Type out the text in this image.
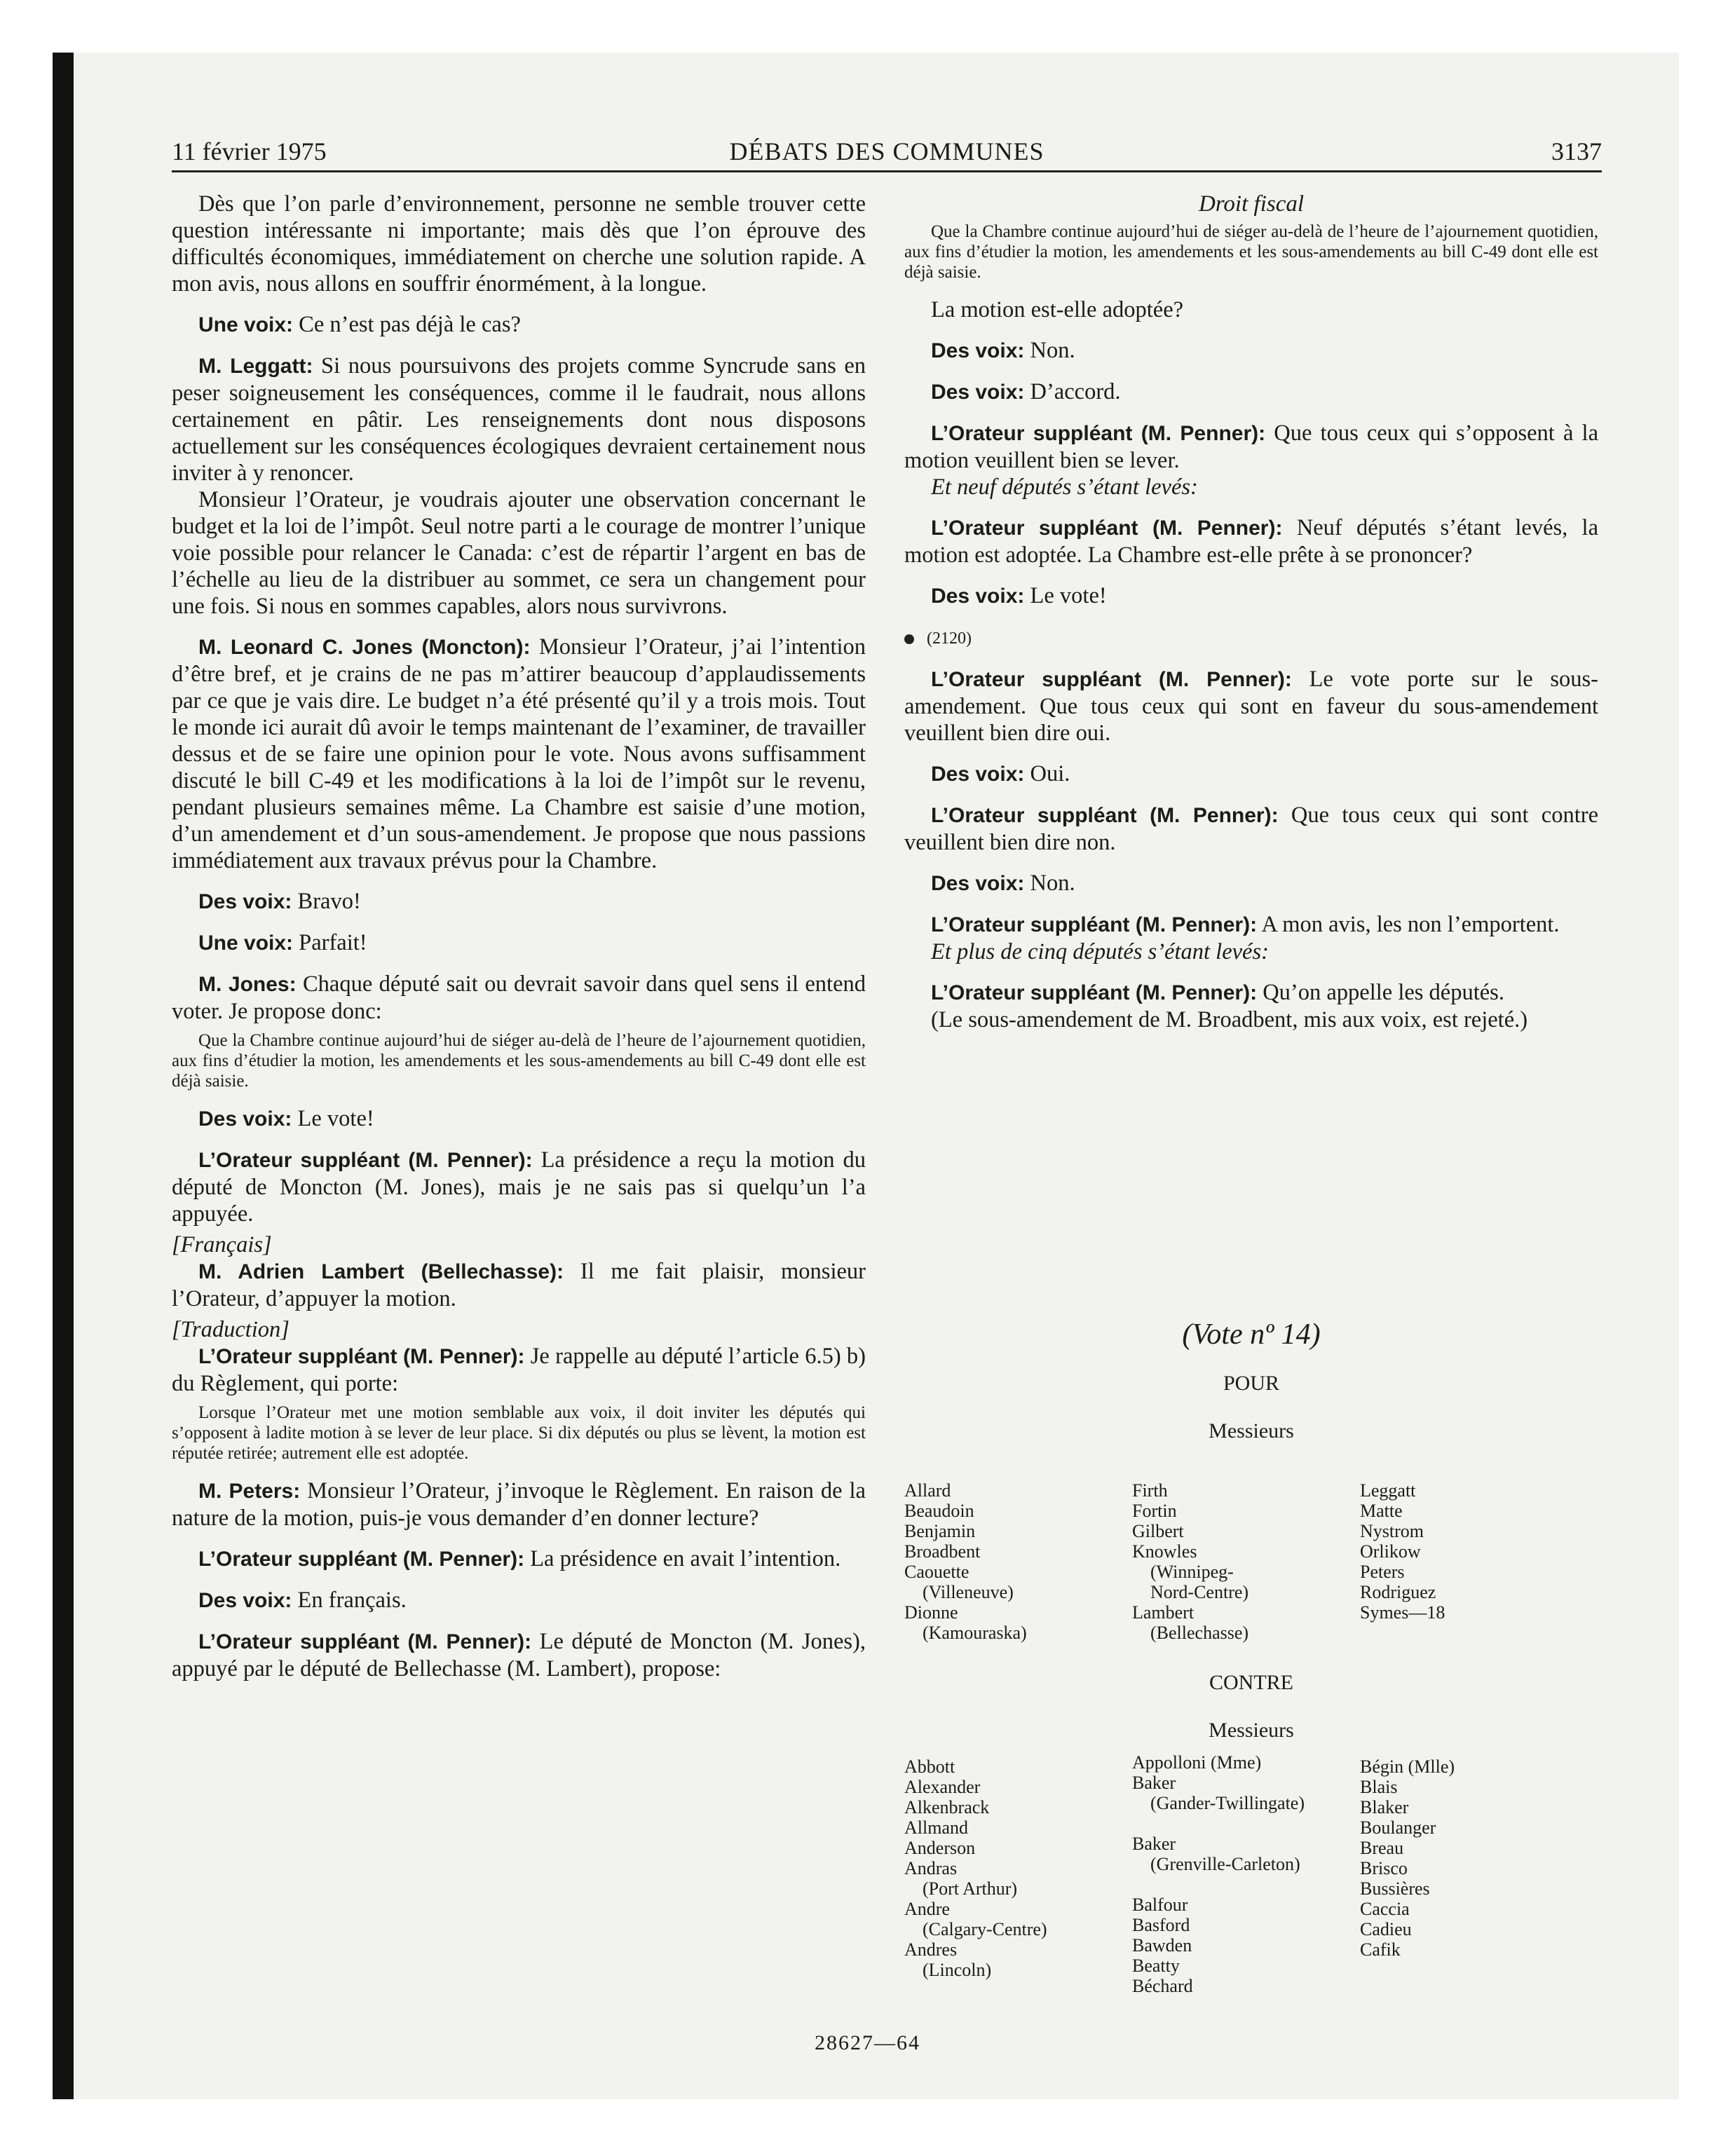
11 février 1975	DÉBATS DES COMMUNES	3137

Dès que l’on parle d’environnement, personne ne semble trouver cette question intéressante ni importante; mais dès que l’on éprouve des difficultés économiques, immédiatement on cherche une solution rapide. A mon avis, nous allons en souffrir énormément, à la longue.

Une voix: Ce n’est pas déjà le cas?

M. Leggatt: Si nous poursuivons des projets comme Syncrude sans en peser soigneusement les conséquences, comme il le faudrait, nous allons certainement en pâtir. Les renseignements dont nous disposons actuellement sur les conséquences écologiques devraient certainement nous inviter à y renoncer.

Monsieur l’Orateur, je voudrais ajouter une observation concernant le budget et la loi de l’impôt. Seul notre parti a le courage de montrer l’unique voie possible pour relancer le Canada: c’est de répartir l’argent en bas de l’échelle au lieu de la distribuer au sommet, ce sera un changement pour une fois. Si nous en sommes capables, alors nous survivrons.

M. Leonard C. Jones (Moncton): Monsieur l’Orateur, j’ai l’intention d’être bref, et je crains de ne pas m’attirer beaucoup d’applaudissements par ce que je vais dire. Le budget n’a été présenté qu’il y a trois mois. Tout le monde ici aurait dû avoir le temps maintenant de l’examiner, de travailler dessus et de se faire une opinion pour le vote. Nous avons suffisamment discuté le bill C-49 et les modifications à la loi de l’impôt sur le revenu, pendant plusieurs semaines même. La Chambre est saisie d’une motion, d’un amendement et d’un sous-amendement. Je propose que nous passions immédiatement aux travaux prévus pour la Chambre.

Des voix: Bravo!

Une voix: Parfait!

M. Jones: Chaque député sait ou devrait savoir dans quel sens il entend voter. Je propose donc:

Que la Chambre continue aujourd’hui de siéger au-delà de l’heure de l’ajournement quotidien, aux fins d’étudier la motion, les amendements et les sous-amendements au bill C-49 dont elle est déjà saisie.

Des voix: Le vote!

L’Orateur suppléant (M. Penner): La présidence a reçu la motion du député de Moncton (M. Jones), mais je ne sais pas si quelqu’un l’a appuyée.

[Français]

M. Adrien Lambert (Bellechasse): Il me fait plaisir, monsieur l’Orateur, d’appuyer la motion.

[Traduction]

L’Orateur suppléant (M. Penner): Je rappelle au député l’article 6.5) b) du Règlement, qui porte:

Lorsque l’Orateur met une motion semblable aux voix, il doit inviter les députés qui s’opposent à ladite motion à se lever de leur place. Si dix députés ou plus se lèvent, la motion est réputée retirée; autrement elle est adoptée.

M. Peters: Monsieur l’Orateur, j’invoque le Règlement. En raison de la nature de la motion, puis-je vous demander d’en donner lecture?

L’Orateur suppléant (M. Penner): La présidence en avait l’intention.

Des voix: En français.

L’Orateur suppléant (M. Penner): Le député de Moncton (M. Jones), appuyé par le député de Bellechasse (M. Lambert), propose:

Droit fiscal

Que la Chambre continue aujourd’hui de siéger au-delà de l’heure de l’ajournement quotidien, aux fins d’étudier la motion, les amendements et les sous-amendements au bill C-49 dont elle est déjà saisie.

La motion est-elle adoptée?

Des voix: Non.

Des voix: D’accord.

L’Orateur suppléant (M. Penner): Que tous ceux qui s’opposent à la motion veuillent bien se lever.

Et neuf députés s’étant levés:

L’Orateur suppléant (M. Penner): Neuf députés s’étant levés, la motion est adoptée. La Chambre est-elle prête à se prononcer?

Des voix: Le vote!

(2120)

L’Orateur suppléant (M. Penner): Le vote porte sur le sous-amendement. Que tous ceux qui sont en faveur du sous-amendement veuillent bien dire oui.

Des voix: Oui.

L’Orateur suppléant (M. Penner): Que tous ceux qui sont contre veuillent bien dire non.

Des voix: Non.

L’Orateur suppléant (M. Penner): A mon avis, les non l’emportent.

Et plus de cinq députés s’étant levés:

L’Orateur suppléant (M. Penner): Qu’on appelle les députés.

(Le sous-amendement de M. Broadbent, mis aux voix, est rejeté.)

(Vote nº 14)
POUR
Messieurs
Allard
Beaudoin
Benjamin
Broadbent
Caouette
(Villeneuve)
Dionne
(Kamouraska)
Firth
Fortin
Gilbert
Knowles
(Winnipeg-
Nord-Centre)
Lambert
(Bellechasse)
Leggatt
Matte
Nystrom
Orlikow
Peters
Rodriguez
Symes—18
CONTRE
Messieurs
Abbott
Alexander
Alkenbrack
Allmand
Anderson
Andras
(Port Arthur)
Andre
(Calgary-Centre)
Andres
(Lincoln)
Appolloni (Mme)
Baker
(Gander-Twillingate)

Baker
(Grenville-Carleton)

Balfour
Basford
Bawden
Beatty
Béchard
Bégin (Mlle)
Blais
Blaker
Boulanger
Breau
Brisco
Bussières
Caccia
Cadieu
Cafik
28627—64
